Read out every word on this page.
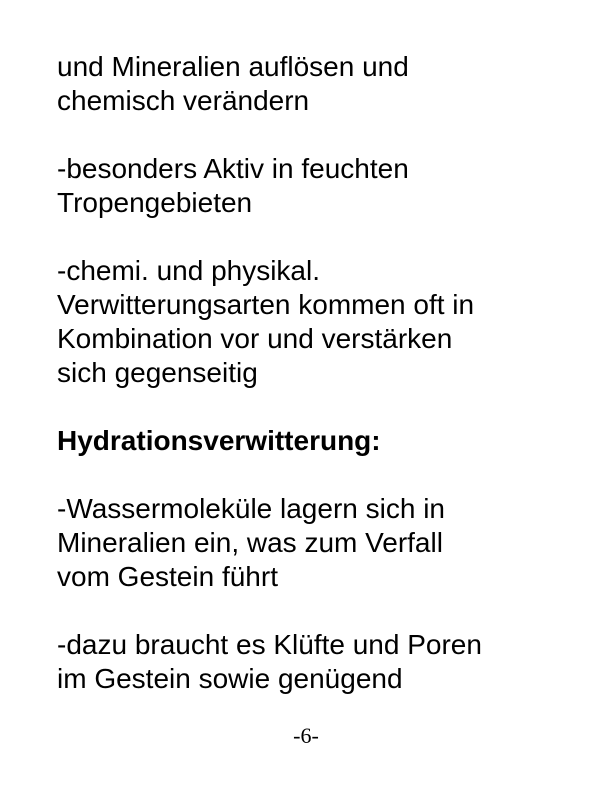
und Mineralien auflösen und
chemisch verändern

-besonders Aktiv in feuchten
Tropengebieten

-chemi. und physikal.
Verwitterungsarten kommen oft in
Kombination vor und verstärken
sich gegenseitig

Hydrationsverwitterung:

-Wassermoleküle lagern sich in
Mineralien ein, was zum Verfall
vom Gestein führt

-dazu braucht es Klüfte und Poren
im Gestein sowie genügend

-6-
